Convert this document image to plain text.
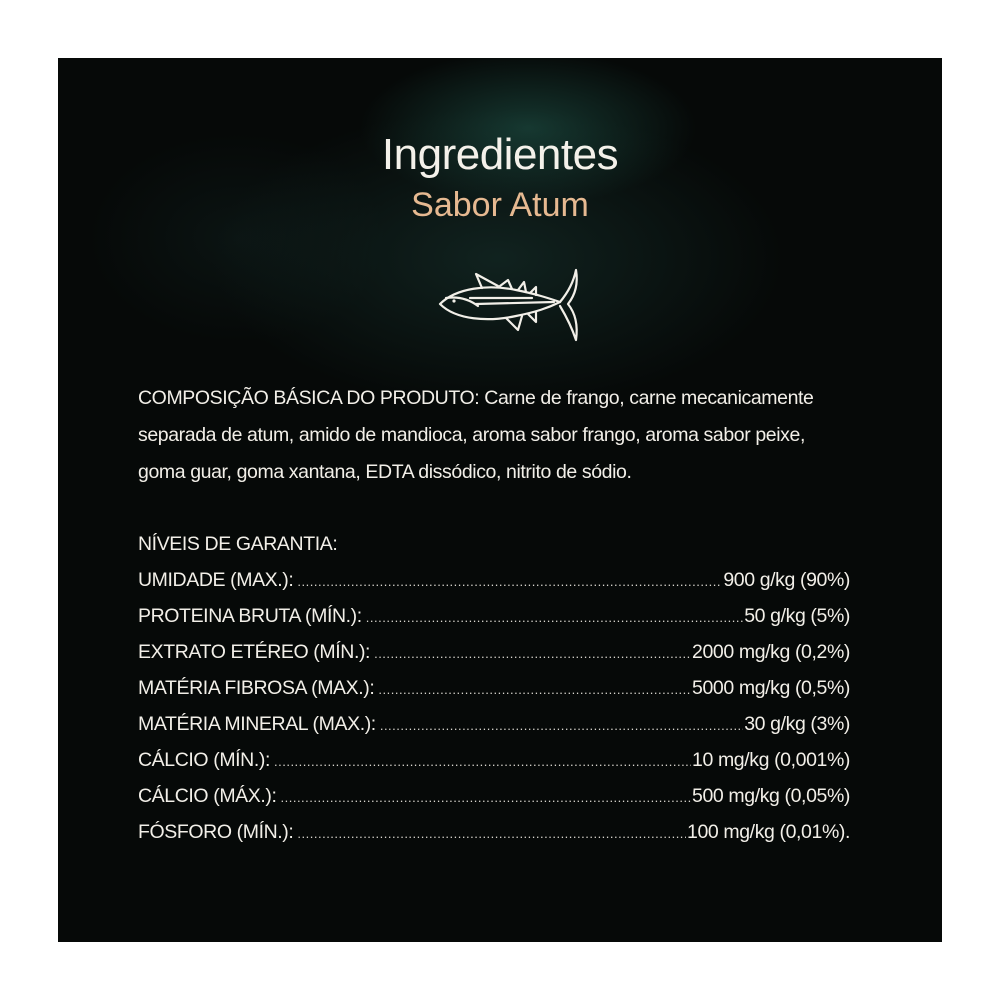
Ingredientes
Sabor Atum

COMPOSIÇÃO BÁSICA DO PRODUTO: Carne de frango, carne mecanicamente separada de atum, amido de mandioca, aroma sabor frango, aroma sabor peixe, goma guar, goma xantana, EDTA dissódico, nitrito de sódio.

NÍVEIS DE GARANTIA:
UMIDADE (MAX.): .....	900 g/kg (90%)
PROTEINA BRUTA (MÍN.): .....	50 g/kg (5%)
EXTRATO ETÉREO (MÍN.): .....	2000 mg/kg (0,2%)
MATÉRIA FIBROSA (MAX.): .....	5000 mg/kg (0,5%)
MATÉRIA MINERAL (MAX.): .....	30 g/kg (3%)
CÁLCIO (MÍN.): .....	10 mg/kg (0,001%)
CÁLCIO (MÁX.): .....	500 mg/kg (0,05%)
FÓSFORO (MÍN.): .....	100 mg/kg (0,01%).
